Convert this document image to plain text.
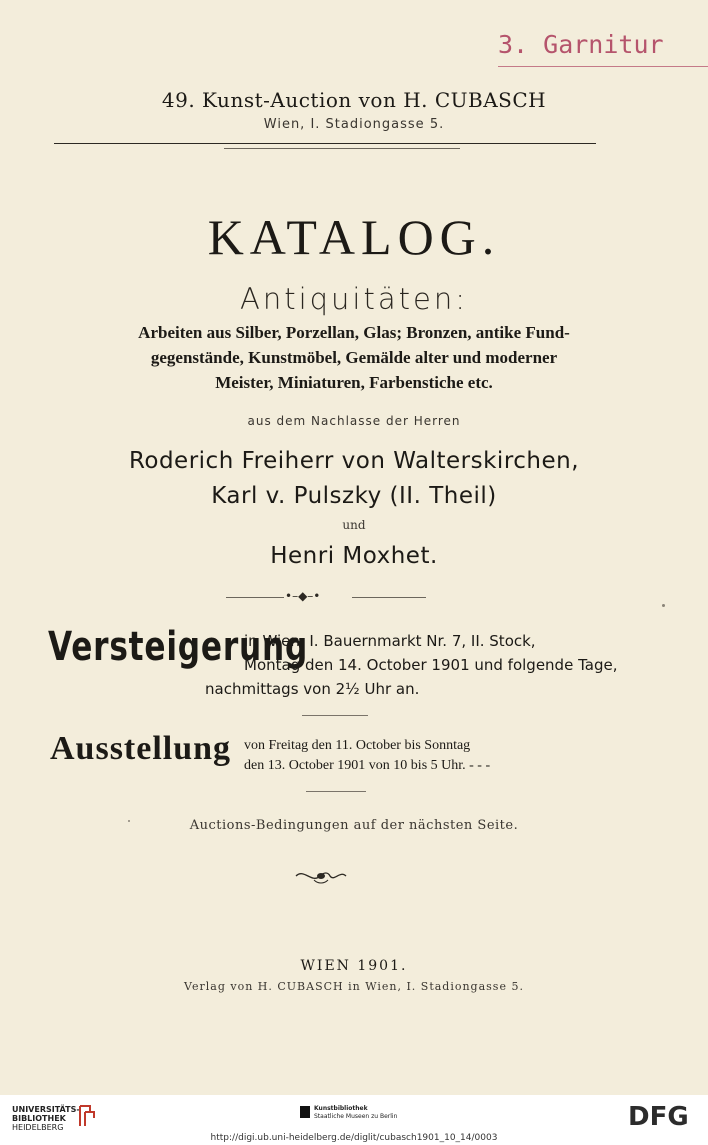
3. Garnitur
49. Kunst-Auction von H. CUBASCH
Wien, I. Stadiongasse 5.
KATALOG.
Antiquitäten:
Arbeiten aus Silber, Porzellan, Glas; Bronzen, antike Fund-
gegenstände, Kunstmöbel, Gemälde alter und moderner
Meister, Miniaturen, Farbenstiche etc.
aus dem Nachlasse der Herren
Roderich Freiherr von Walterskirchen,
Karl v. Pulszky (II. Theil)
und
Henri Moxhet.
•–◆–•
Versteigerung
in Wien, I. Bauernmarkt Nr. 7, II. Stock,
Montag den 14. October 1901 und folgende Tage,
nachmittags von 2½ Uhr an.
Ausstellung von Freitag den 11. October bis Sonntag
den 13. October 1901 von 10 bis 5 Uhr. - - -
Auctions-Bedingungen auf der nächsten Seite.
WIEN 1901.
Verlag von H. CUBASCH in Wien, I. Stadiongasse 5.
UNIVERSITÄTS-
BIBLIOTHEK
HEIDELBERG
Kunstbibliothek
Staatliche Museen zu Berlin	DFG
http://digi.ub.uni-heidelberg.de/diglit/cubasch1901_10_14/0003
